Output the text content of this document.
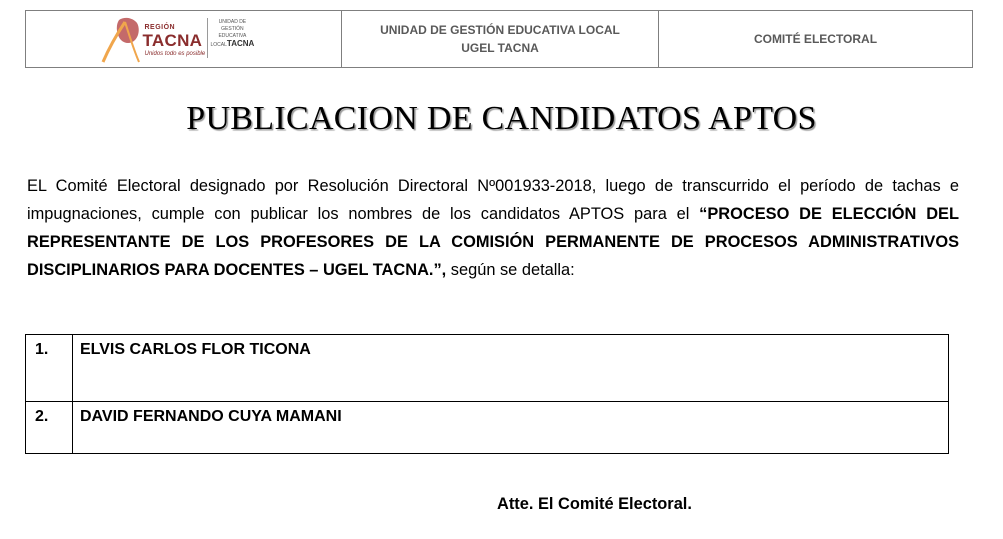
REGIÓN
TACNA
Unidos todo es posible
UNIDAD DE
GESTIÓN
EDUCATIVA
LOCALTACNA
UNIDAD DE GESTIÓN EDUCATIVA LOCAL
UGEL TACNA
COMITÉ ELECTORAL
PUBLICACION DE CANDIDATOS APTOS
EL Comité Electoral designado por Resolución Directoral Nº001933-2018, luego de transcurrido el período de tachas e impugnaciones, cumple con publicar los nombres de los candidatos APTOS para el “PROCESO DE ELECCIÓN DEL REPRESENTANTE DE LOS PROFESORES DE LA COMISIÓN PERMANENTE DE PROCESOS ADMINISTRATIVOS DISCIPLINARIOS PARA DOCENTES – UGEL TACNA.”, según se detalla:
1.	ELVIS CARLOS FLOR TICONA
2.	DAVID FERNANDO CUYA MAMANI
Atte. El Comité Electoral.
